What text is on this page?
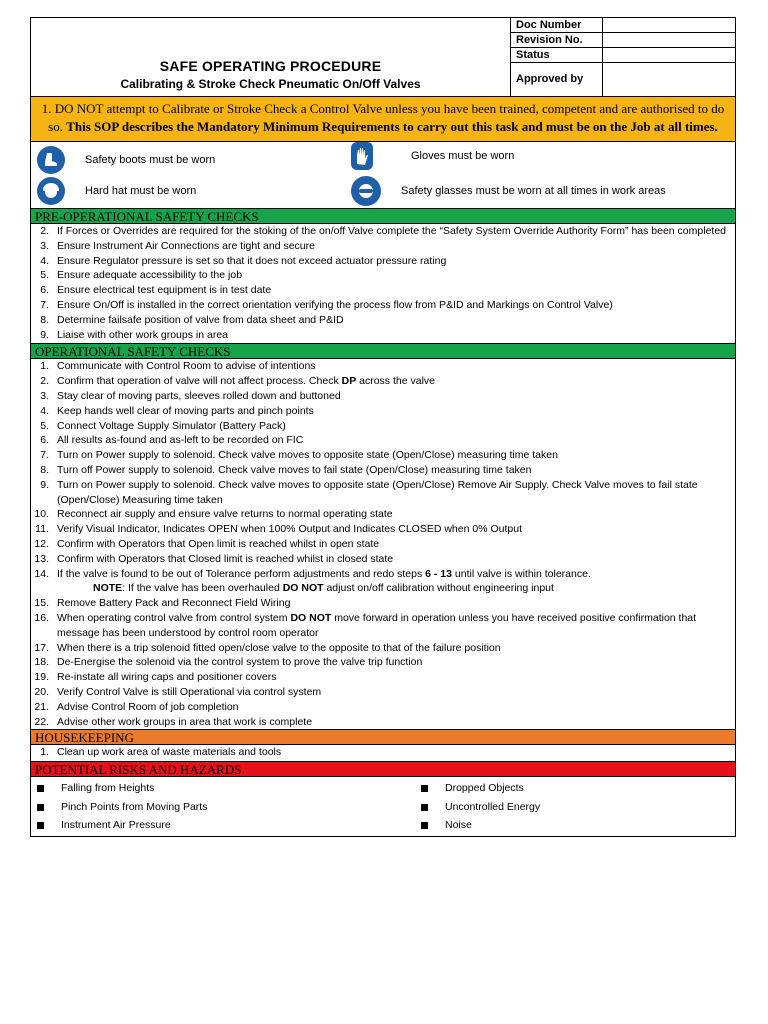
SAFE OPERATING PROCEDURE
Calibrating & Stroke Check Pneumatic On/Off Valves
Doc Number
Revision No.
Status
Approved by
1. DO NOT attempt to Calibrate or Stroke Check a Control Valve unless you have been trained, competent and are authorised to do so. This SOP describes the Mandatory Minimum Requirements to carry out this task and must be on the Job at all times.
Safety boots must be worn	Gloves must be worn
Hard hat must be worn	Safety glasses must be worn at all times in work areas
PRE-OPERATIONAL SAFETY CHECKS
2. If Forces or Overrides are required for the stoking of the on/off Valve complete the “Safety System Override Authority Form” has been completed
3. Ensure Instrument Air Connections are tight and secure
4. Ensure Regulator pressure is set so that it does not exceed actuator pressure rating
5. Ensure adequate accessibility to the job
6. Ensure electrical test equipment is in test date
7. Ensure On/Off is installed in the correct orientation verifying the process flow from P&ID and Markings on Control Valve)
8. Determine failsafe position of valve from data sheet and P&ID
9. Liaise with other work groups in area
OPERATIONAL SAFETY CHECKS
1. Communicate with Control Room to advise of intentions
2. Confirm that operation of valve will not affect process. Check DP across the valve
3. Stay clear of moving parts, sleeves rolled down and buttoned
4. Keep hands well clear of moving parts and pinch points
5. Connect Voltage Supply Simulator (Battery Pack)
6. All results as-found and as-left to be recorded on FIC
7. Turn on Power supply to solenoid. Check valve moves to opposite state (Open/Close) measuring time taken
8. Turn off Power supply to solenoid. Check valve moves to fail state (Open/Close) measuring time taken
9. Turn on Power supply to solenoid. Check valve moves to opposite state (Open/Close) Remove Air Supply. Check Valve moves to fail state (Open/Close) Measuring time taken
10. Reconnect air supply and ensure valve returns to normal operating state
11. Verify Visual Indicator, Indicates OPEN when 100% Output and Indicates CLOSED when 0% Output
12. Confirm with Operators that Open limit is reached whilst in open state
13. Confirm with Operators that Closed limit is reached whilst in closed state
14. If the valve is found to be out of Tolerance perform adjustments and redo steps 6 - 13 until valve is within tolerance.
NOTE: If the valve has been overhauled DO NOT adjust on/off calibration without engineering input
15. Remove Battery Pack and Reconnect Field Wiring
16. When operating control valve from control system DO NOT move forward in operation unless you have received positive confirmation that message has been understood by control room operator
17. When there is a trip solenoid fitted open/close valve to the opposite to that of the failure position
18. De-Energise the solenoid via the control system to prove the valve trip function
19. Re-instate all wiring caps and positioner covers
20. Verify Control Valve is still Operational via control system
21. Advise Control Room of job completion
22. Advise other work groups in area that work is complete
HOUSEKEEPING
1. Clean up work area of waste materials and tools
POTENTIAL RISKS AND HAZARDS
Falling from Heights	Dropped Objects
Pinch Points from Moving Parts	Uncontrolled Energy
Instrument Air Pressure	Noise
